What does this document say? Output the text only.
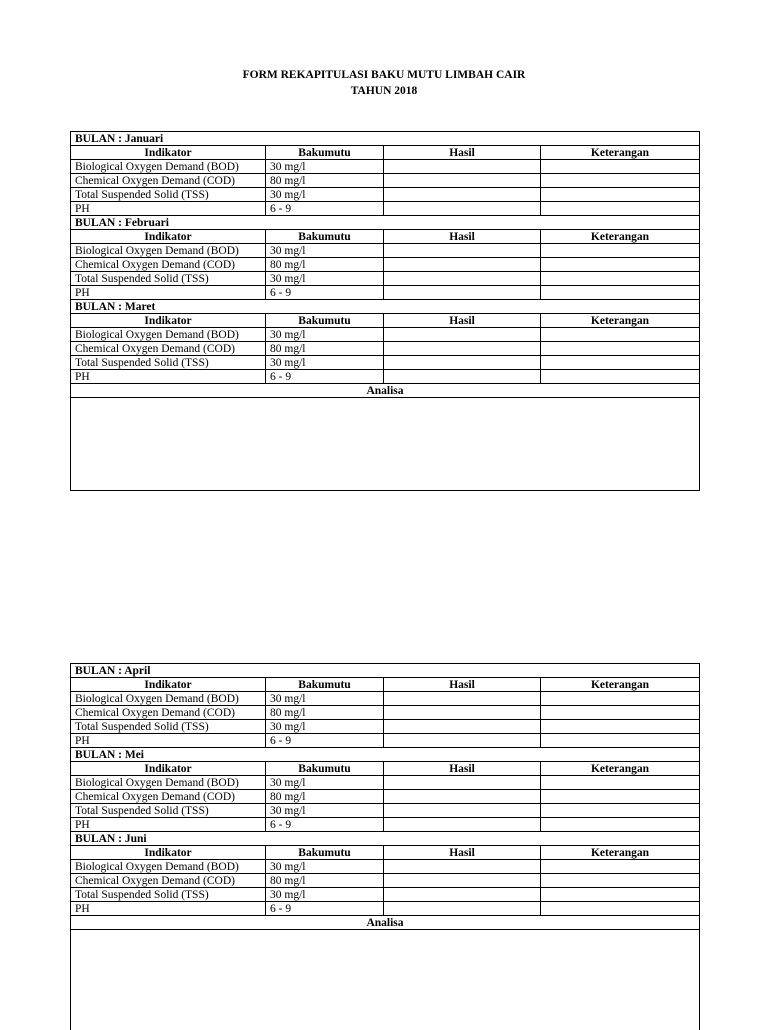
FORM REKAPITULASI BAKU MUTU LIMBAH CAIR
TAHUN 2018
BULAN : Januari			
Indikator	Bakumutu	Hasil	Keterangan
Biological Oxygen Demand (BOD)	30 mg/l		
Chemical Oxygen Demand (COD)	80 mg/l		
Total Suspended Solid (TSS)	30 mg/l		
PH	6 - 9		
BULAN : Februari			
Indikator	Bakumutu	Hasil	Keterangan
Biological Oxygen Demand (BOD)	30 mg/l		
Chemical Oxygen Demand (COD)	80 mg/l		
Total Suspended Solid (TSS)	30 mg/l		
PH	6 - 9		
BULAN : Maret			
Indikator	Bakumutu	Hasil	Keterangan
Biological Oxygen Demand (BOD)	30 mg/l		
Chemical Oxygen Demand (COD)	80 mg/l		
Total Suspended Solid (TSS)	30 mg/l		
PH	6 - 9		
Analisa			

BULAN : April			
Indikator	Bakumutu	Hasil	Keterangan
Biological Oxygen Demand (BOD)	30 mg/l		
Chemical Oxygen Demand (COD)	80 mg/l		
Total Suspended Solid (TSS)	30 mg/l		
PH	6 - 9		
BULAN : Mei			
Indikator	Bakumutu	Hasil	Keterangan
Biological Oxygen Demand (BOD)	30 mg/l		
Chemical Oxygen Demand (COD)	80 mg/l		
Total Suspended Solid (TSS)	30 mg/l		
PH	6 - 9		
BULAN : Juni			
Indikator	Bakumutu	Hasil	Keterangan
Biological Oxygen Demand (BOD)	30 mg/l		
Chemical Oxygen Demand (COD)	80 mg/l		
Total Suspended Solid (TSS)	30 mg/l		
PH	6 - 9		
Analisa			
